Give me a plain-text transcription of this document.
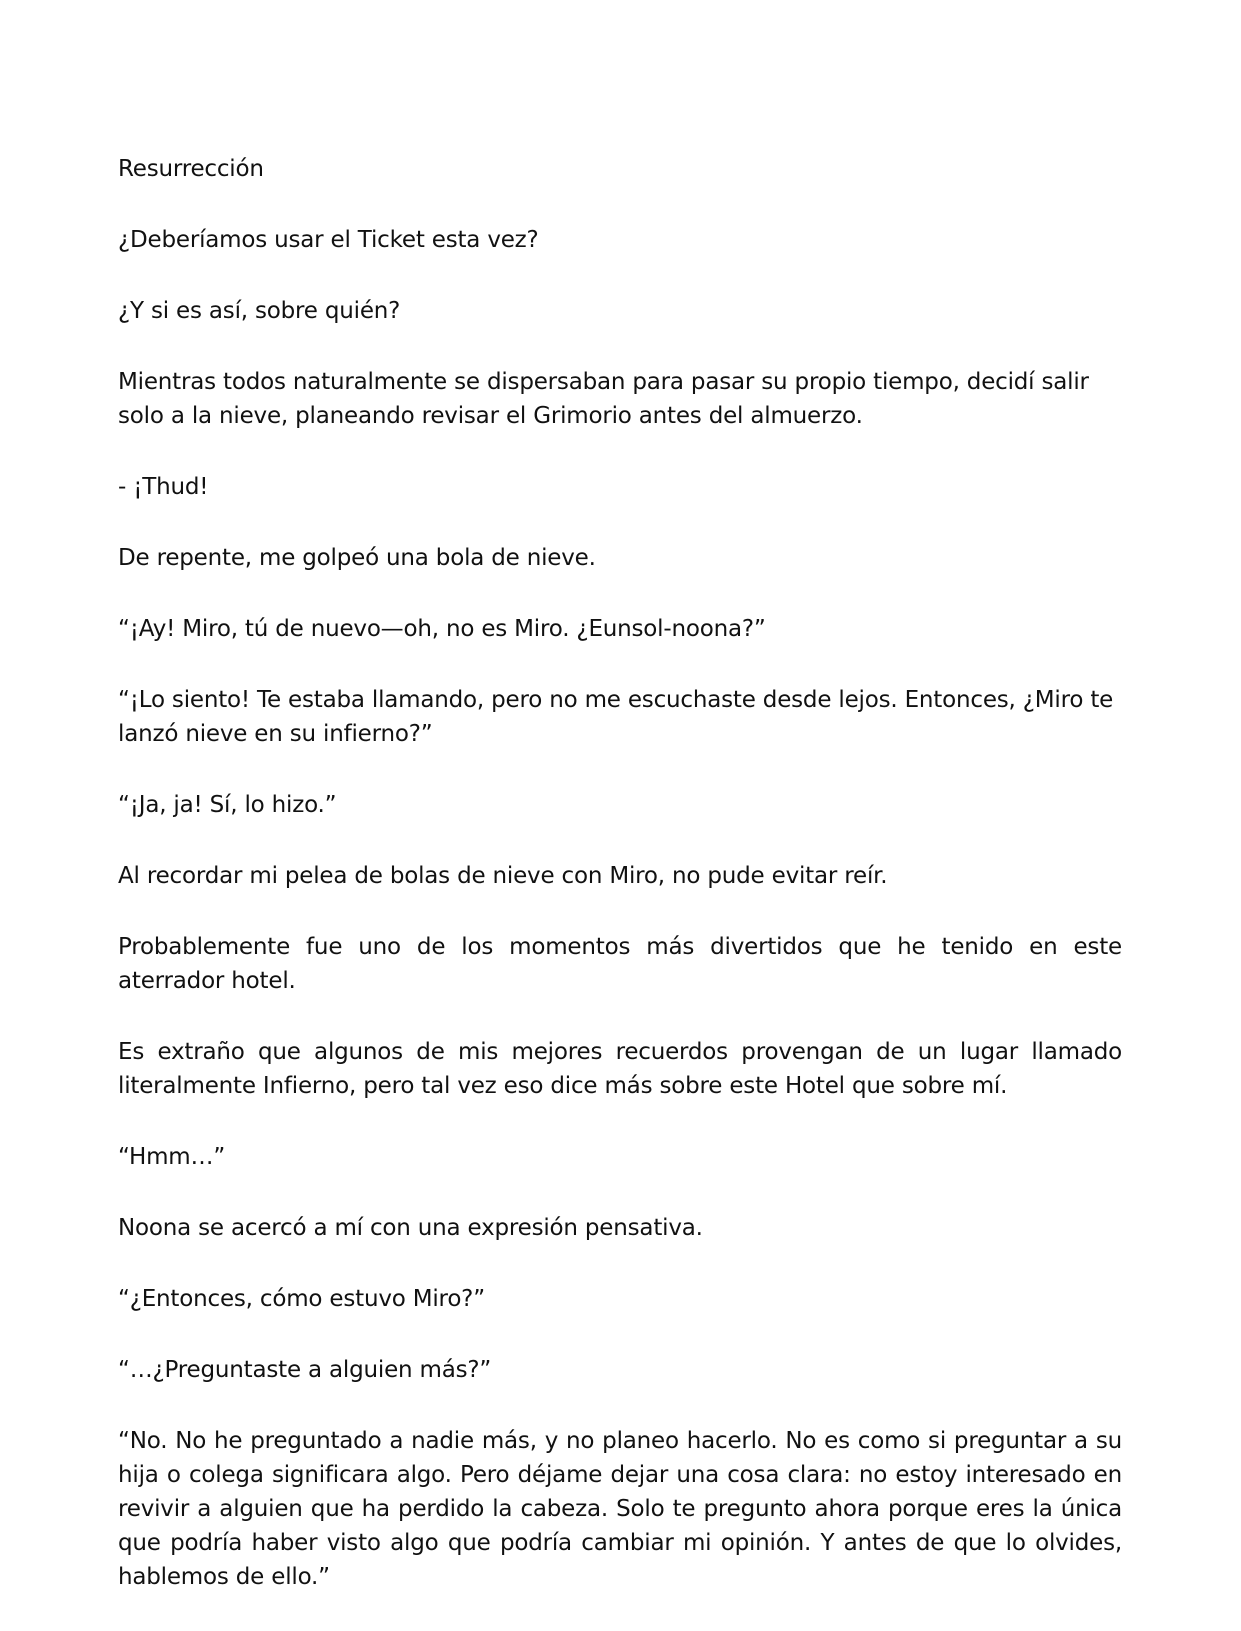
Resurrección

¿Deberíamos usar el Ticket esta vez?

¿Y si es así, sobre quién?

Mientras todos naturalmente se dispersaban para pasar su propio tiempo, decidí salir solo a la nieve, planeando revisar el Grimorio antes del almuerzo.

- ¡Thud!

De repente, me golpeó una bola de nieve.

“¡Ay! Miro, tú de nuevo—oh, no es Miro. ¿Eunsol-noona?”

“¡Lo siento! Te estaba llamando, pero no me escuchaste desde lejos. Entonces, ¿Miro te lanzó nieve en su infierno?”

“¡Ja, ja! Sí, lo hizo.”

Al recordar mi pelea de bolas de nieve con Miro, no pude evitar reír.

Probablemente fue uno de los momentos más divertidos que he tenido en este aterrador hotel.

Es extraño que algunos de mis mejores recuerdos provengan de un lugar llamado literalmente Infierno, pero tal vez eso dice más sobre este Hotel que sobre mí.

“Hmm…”

Noona se acercó a mí con una expresión pensativa.

“¿Entonces, cómo estuvo Miro?”

“…¿Preguntaste a alguien más?”

“No. No he preguntado a nadie más, y no planeo hacerlo. No es como si preguntar a su hija o colega significara algo. Pero déjame dejar una cosa clara: no estoy interesado en revivir a alguien que ha perdido la cabeza. Solo te pregunto ahora porque eres la única que podría haber visto algo que podría cambiar mi opinión. Y antes de que lo olvides, hablemos de ello.”
